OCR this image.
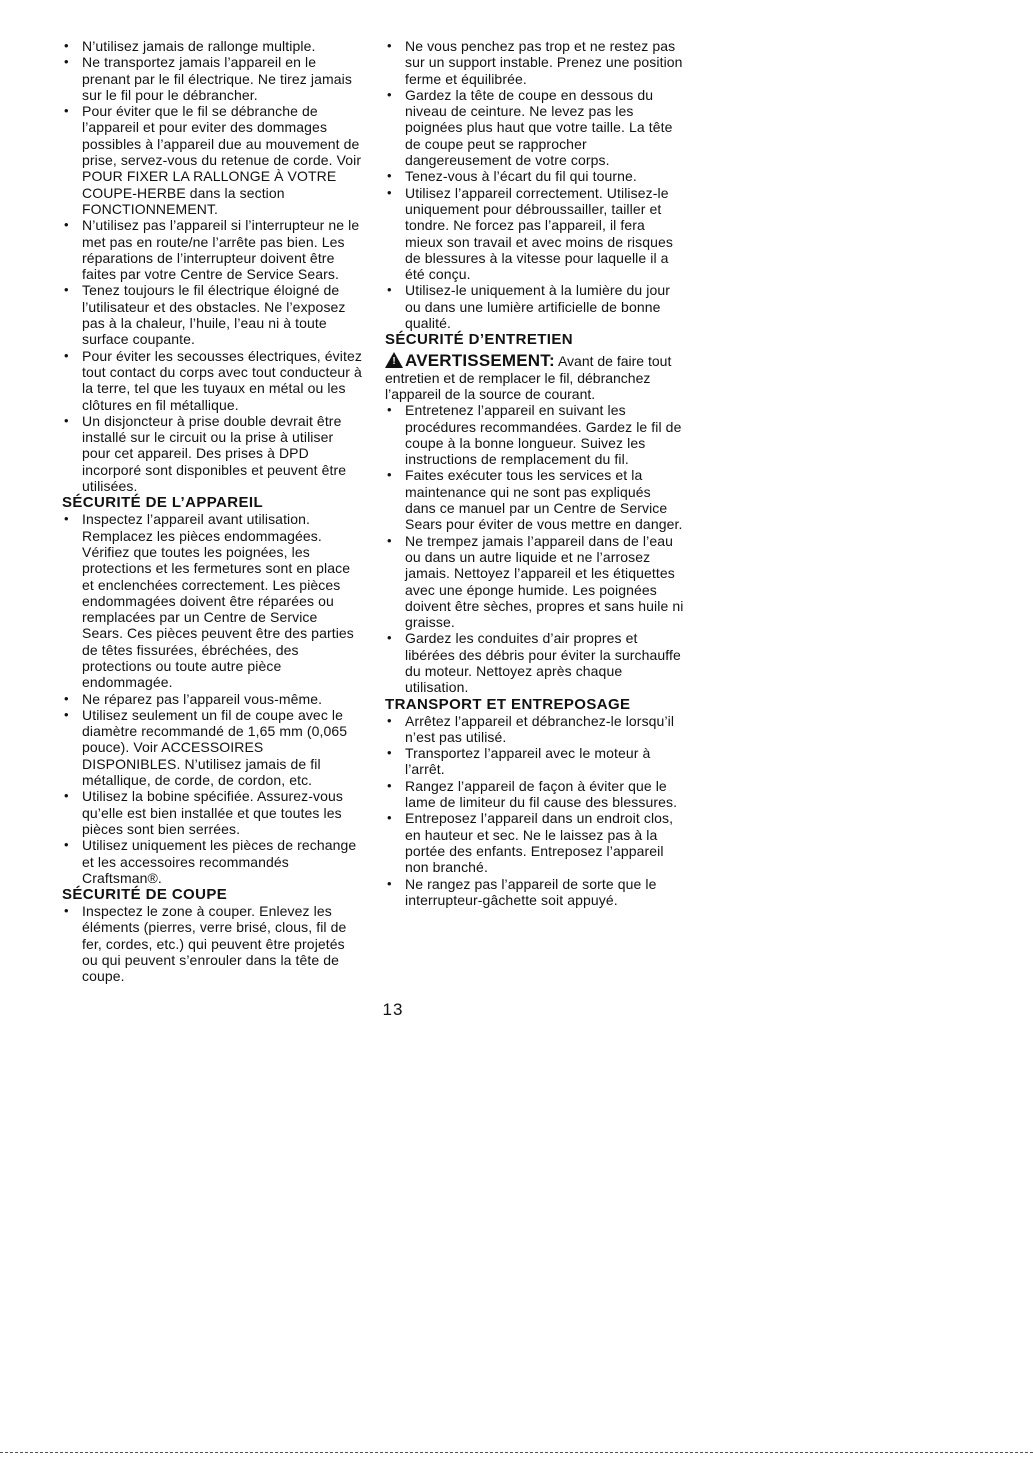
• N’utilisez jamais de rallonge multiple.
• Ne transportez jamais l’appareil en le prenant par le fil électrique. Ne tirez jamais sur le fil pour le débrancher.
• Pour éviter que le fil se débranche de l’appareil et pour eviter des dommages possibles à l’appareil due au mouvement de prise, servez-vous du retenue de corde. Voir POUR FIXER LA RALLONGE À VOTRE COUPE-HERBE dans la section FONCTIONNEMENT.
• N’utilisez pas l’appareil si l’interrupteur ne le met pas en route/ne l’arrête pas bien. Les réparations de l’interrupteur doivent être faites par votre Centre de Service Sears.
• Tenez toujours le fil électrique éloigné de l’utilisateur et des obstacles. Ne l’exposez pas à la chaleur, l’huile, l’eau ni à toute surface coupante.
• Pour éviter les secousses électriques, évitez tout contact du corps avec tout conducteur à la terre, tel que les tuyaux en métal ou les clôtures en fil métallique.
• Un disjoncteur à prise double devrait être installé sur le circuit ou la prise à utiliser pour cet appareil. Des prises à DPD incorporé sont disponibles et peuvent être utilisées.
SÉCURITÉ DE L’APPAREIL
• Inspectez l’appareil avant utilisation. Remplacez les pièces endommagées. Vérifiez que toutes les poignées, les protections et les fermetures sont en place et enclenchées correctement. Les pièces endommagées doivent être réparées ou remplacées par un Centre de Service Sears. Ces pièces peuvent être des parties de têtes fissurées, ébréchées, des protections ou toute autre pièce endommagée.
• Ne réparez pas l’appareil vous-même.
• Utilisez seulement un fil de coupe avec le diamètre recommandé de 1,65 mm (0,065 pouce). Voir ACCESSOIRES DISPONIBLES. N’utilisez jamais de fil métallique, de corde, de cordon, etc.
• Utilisez la bobine spécifiée. Assurez-vous qu’elle est bien installée et que toutes les pièces sont bien serrées.
• Utilisez uniquement les pièces de rechange et les accessoires recommandés Craftsman®.
SÉCURITÉ DE COUPE
• Inspectez le zone à couper. Enlevez les éléments (pierres, verre brisé, clous, fil de fer, cordes, etc.) qui peuvent être projetés ou qui peuvent s’enrouler dans la tête de coupe.
• Ne vous penchez pas trop et ne restez pas sur un support instable. Prenez une position ferme et équilibrée.
• Gardez la tête de coupe en dessous du niveau de ceinture. Ne levez pas les poignées plus haut que votre taille. La tête de coupe peut se rapprocher dangereusement de votre corps.
• Tenez-vous à l’écart du fil qui tourne.
• Utilisez l’appareil correctement. Utilisez-le uniquement pour débroussailler, tailler et tondre. Ne forcez pas l’appareil, il fera mieux son travail et avec moins de risques de blessures à la vitesse pour laquelle il a été conçu.
• Utilisez-le uniquement à la lumière du jour ou dans une lumière artificielle de bonne qualité.
SÉCURITÉ D’ENTRETIEN

! AVERTISSEMENT: Avant de faire tout entretien et de remplacer le fil, débranchez l’appareil de la source de courant.

• Entretenez l’appareil en suivant les procédures recommandées. Gardez le fil de coupe à la bonne longueur. Suivez les instructions de remplacement du fil.
• Faites exécuter tous les services et la maintenance qui ne sont pas expliqués dans ce manuel par un Centre de Service Sears pour éviter de vous mettre en danger.
• Ne trempez jamais l’appareil dans de l’eau ou dans un autre liquide et ne l’arrosez jamais. Nettoyez l’appareil et les étiquettes avec une éponge humide. Les poignées doivent être sèches, propres et sans huile ni graisse.
• Gardez les conduites d’air propres et libérées des débris pour éviter la surchauffe du moteur. Nettoyez après chaque utilisation.
TRANSPORT ET ENTREPOSAGE
• Arrêtez l’appareil et débranchez-le lorsqu’il n’est pas utilisé.
• Transportez l’appareil avec le moteur à l’arrêt.
• Rangez l’appareil de façon à éviter que le lame de limiteur du fil cause des blessures.
• Entreposez l’appareil dans un endroit clos, en hauteur et sec. Ne le laissez pas à la portée des enfants. Entreposez l’appareil non branché.
• Ne rangez pas l’appareil de sorte que le interrupteur-gâchette soit appuyé.
13
